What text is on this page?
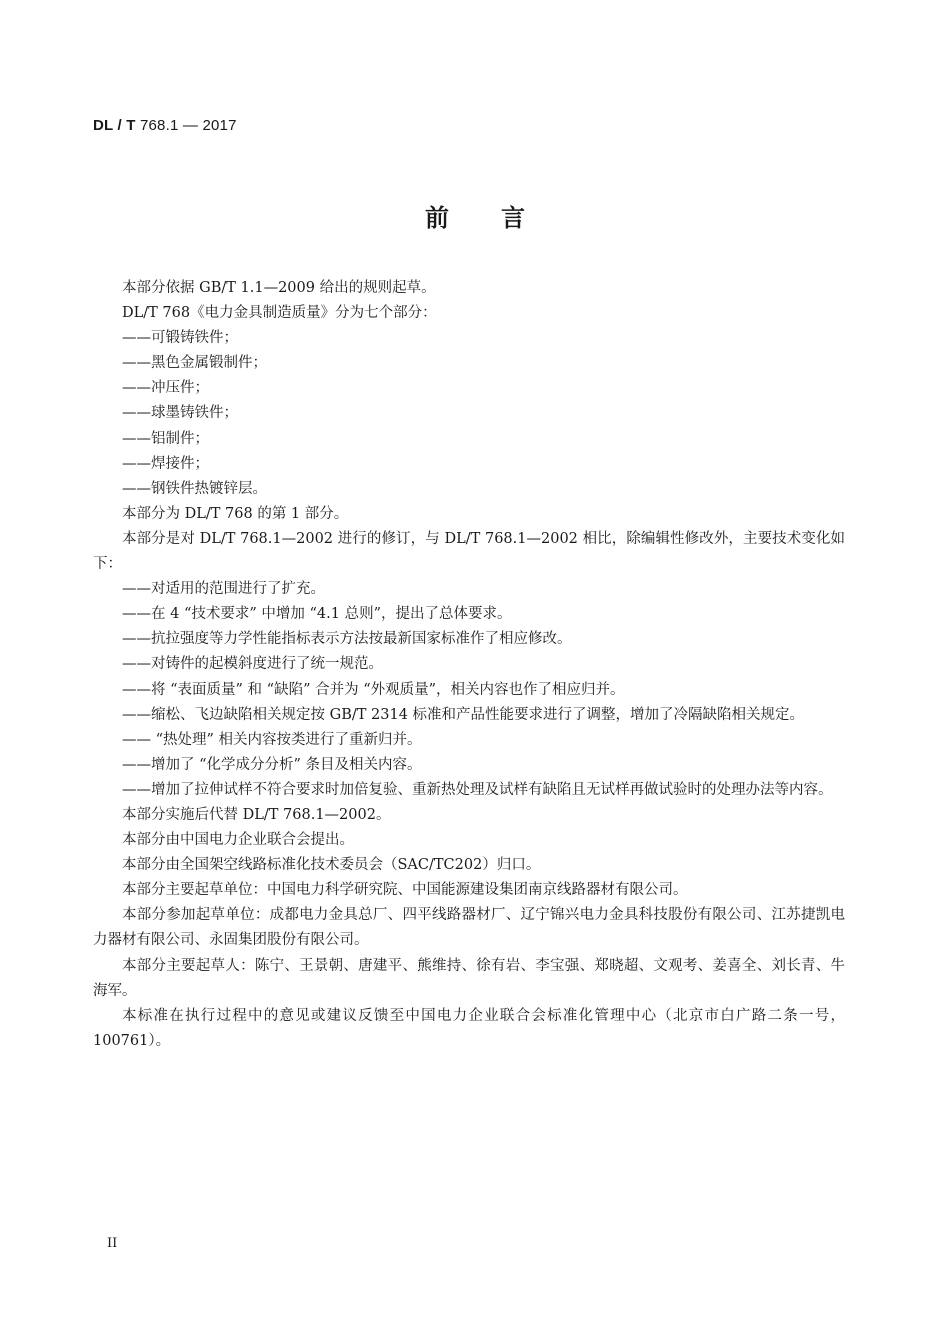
DL / T 768.1 — 2017
前言

本部分依据 GB/T 1.1—2009 给出的规则起草。

DL/T 768《电力金具制造质量》分为七个部分：

——可锻铸铁件；

——黑色金属锻制件；

——冲压件；

——球墨铸铁件；

——铝制件；

——焊接件；

——钢铁件热镀锌层。

本部分为 DL/T 768 的第 1 部分。

本部分是对 DL/T 768.1—2002 进行的修订，与 DL/T 768.1—2002 相比，除编辑性修改外，主要技术变化如下：

——对适用的范围进行了扩充。

——在 4 “技术要求” 中增加 “4.1 总则”，提出了总体要求。

——抗拉强度等力学性能指标表示方法按最新国家标准作了相应修改。

——对铸件的起模斜度进行了统一规范。

——将 “表面质量” 和 “缺陷” 合并为 “外观质量”，相关内容也作了相应归并。

——缩松、飞边缺陷相关规定按 GB/T 2314 标准和产品性能要求进行了调整，增加了冷隔缺陷相关规定。

—— “热处理” 相关内容按类进行了重新归并。

——增加了 “化学成分分析” 条目及相关内容。

——增加了拉伸试样不符合要求时加倍复验、重新热处理及试样有缺陷且无试样再做试验时的处理办法等内容。

本部分实施后代替 DL/T 768.1—2002。

本部分由中国电力企业联合会提出。

本部分由全国架空线路标准化技术委员会（SAC/TC202）归口。

本部分主要起草单位：中国电力科学研究院、中国能源建设集团南京线路器材有限公司。

本部分参加起草单位：成都电力金具总厂、四平线路器材厂、辽宁锦兴电力金具科技股份有限公司、江苏捷凯电力器材有限公司、永固集团股份有限公司。

本部分主要起草人：陈宁、王景朝、唐建平、熊维持、徐有岩、李宝强、郑晓超、文观考、姜喜全、刘长青、牛海军。

本标准在执行过程中的意见或建议反馈至中国电力企业联合会标准化管理中心（北京市白广路二条一号，100761）。

II
